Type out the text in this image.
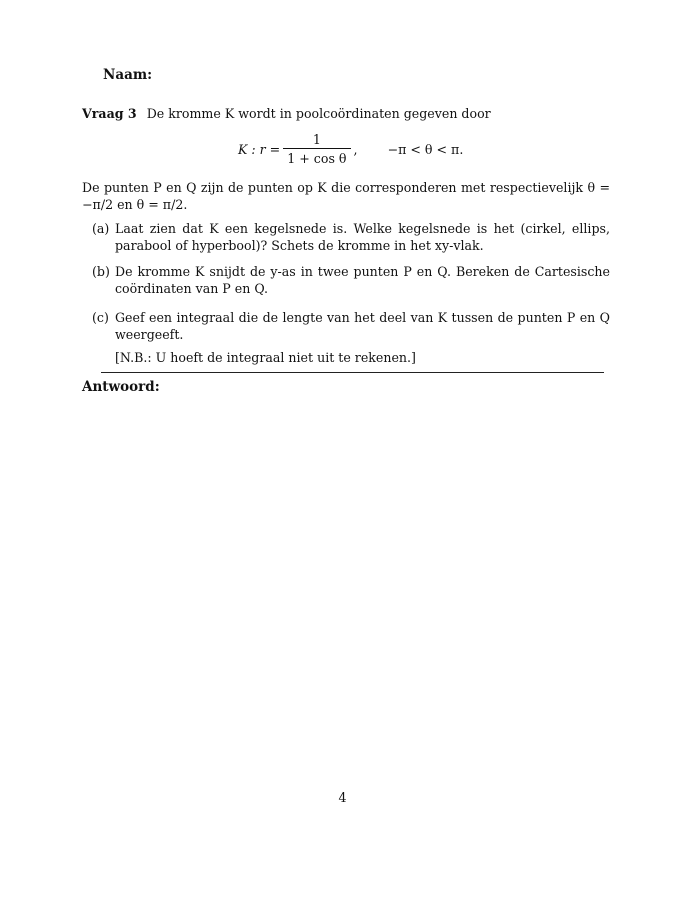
Naam:
Vraag 3 De kromme K wordt in poolcoördinaten gegeven door
K : $r = \frac{1}{\text{1 + cos θ}}$ , −π < θ < π.
De punten P en Q zijn de punten op K die corresponderen met respectievelijk θ = −π/2 en θ = π/2.
(a) Laat zien dat K een kegelsnede is. Welke kegelsnede is het (cirkel, ellips, parabool of hyperbool)? Schets de kromme in het xy-vlak.
(b) De kromme K snijdt de y-as in twee punten P en Q. Bereken de Cartesische coördinaten van P en Q.
(c) Geef een integraal die de lengte van het deel van K tussen de punten P en Q weergeeft.
[N.B.: U hoeft de integraal niet uit te rekenen.]
Antwoord:
4
